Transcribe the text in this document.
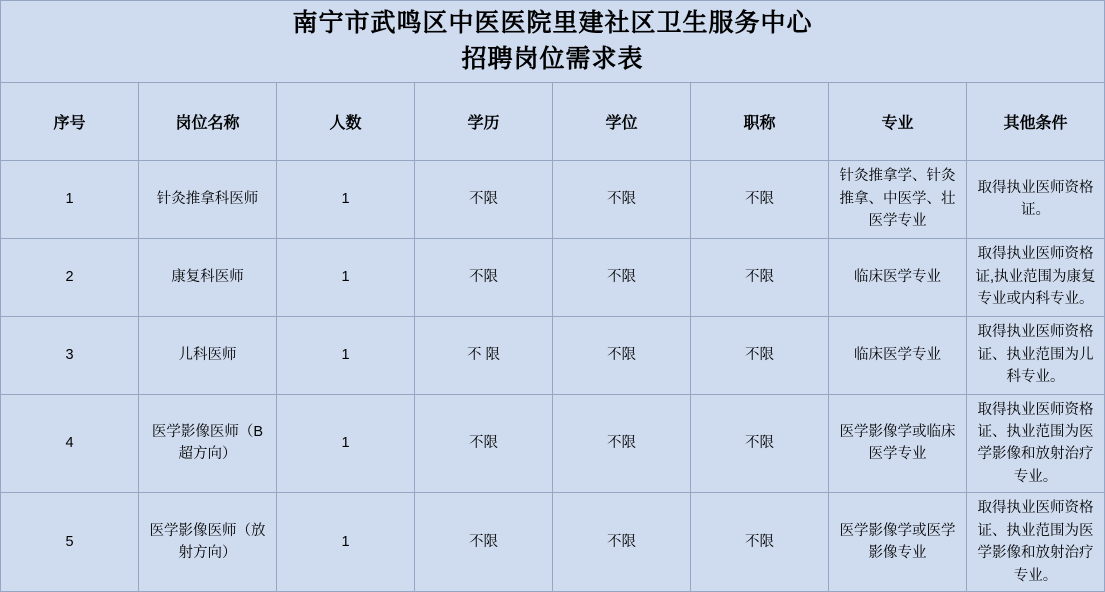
南宁市武鸣区中医医院里建社区卫生服务中心
招聘岗位需求表							

序号	岗位名称	人数	学历	学位	职称	专业	其他条件
1	针灸推拿科医师	1	不限	不限	不限	针灸推拿学、针灸推拿、中医学、壮医学专业	取得执业医师资格证。
2	康复科医师	1	不限	不限	不限	临床医学专业	取得执业医师资格证,执业范围为康复专业或内科专业。
3	儿科医师	1	不 限	不限	不限	临床医学专业	取得执业医师资格证、执业范围为儿科专业。
4	医学影像医师（B超方向）	1	不限	不限	不限	医学影像学或临床医学专业	取得执业医师资格证、执业范围为医学影像和放射治疗专业。
5	医学影像医师（放射方向）	1	不限	不限	不限	医学影像学或医学影像专业	取得执业医师资格证、执业范围为医学影像和放射治疗专业。
